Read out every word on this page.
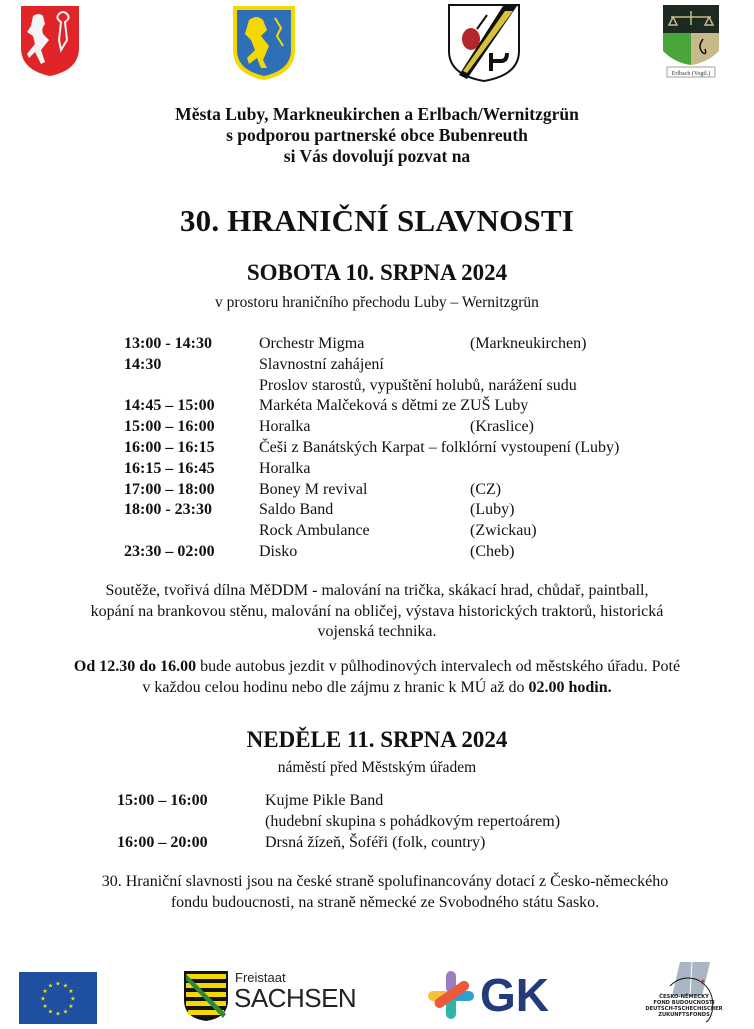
Erlbach (Vogtl.)
Města Luby, Markneukirchen a Erlbach/Wernitzgrün
s podporou partnerské obce Bubenreuth
si Vás dovolují pozvat na
30. HRANIČNÍ SLAVNOSTI
SOBOTA 10. SRPNA 2024
v prostoru hraničního přechodu Luby – Wernitzgrün
13:00 - 14:30	Orchestr Migma	(Markneukirchen)
14:30	Slavnostní zahájení
Proslov starostů, vypuštění holubů, narážení sudu
14:45 – 15:00	Markéta Malčeková s dětmi ze ZUŠ Luby
15:00 – 16:00	Horalka	(Kraslice)
16:00 – 16:15	Češi z Banátských Karpat – folklórní vystoupení (Luby)
16:15 – 16:45	Horalka
17:00 – 18:00	Boney M revival	(CZ)
18:00 - 23:30	Saldo Band	(Luby)
Rock Ambulance	(Zwickau)
23:30 – 02:00	Disko	(Cheb)
Soutěže, tvořivá dílna MěDDM - malování na trička, skákací hrad, chůdař, paintball,
kopání na brankovou stěnu, malování na obličej, výstava historických traktorů, historická
vojenská technika.
Od 12.30 do 16.00 bude autobus jezdit v půlhodinových intervalech od městského úřadu. Poté
v každou celou hodinu nebo dle zájmu z hranic k MÚ až do 02.00 hodin.
NEDĚLE 11. SRPNA 2024
náměstí před Městským úřadem
15:00 – 16:00	Kujme Pikle Band
(hudební skupina s pohádkovým repertoárem)
16:00 – 20:00	Drsná žízeň, Šoféři (folk, country)
30. Hraniční slavnosti jsou na české straně spolufinancovány dotací z Česko-německého
fondu budoucnosti, na straně německé ze Svobodného státu Sasko.
★ ★
★
★
★
★
★
★
★
★
★
★
Freistaat
SACHSEN	GK	ČESKO-NĚMECKÝ
FOND BUDOUCNOSTI
DEUTSCH-TSCHECHISCHER
ZUKUNFTSFONDS
